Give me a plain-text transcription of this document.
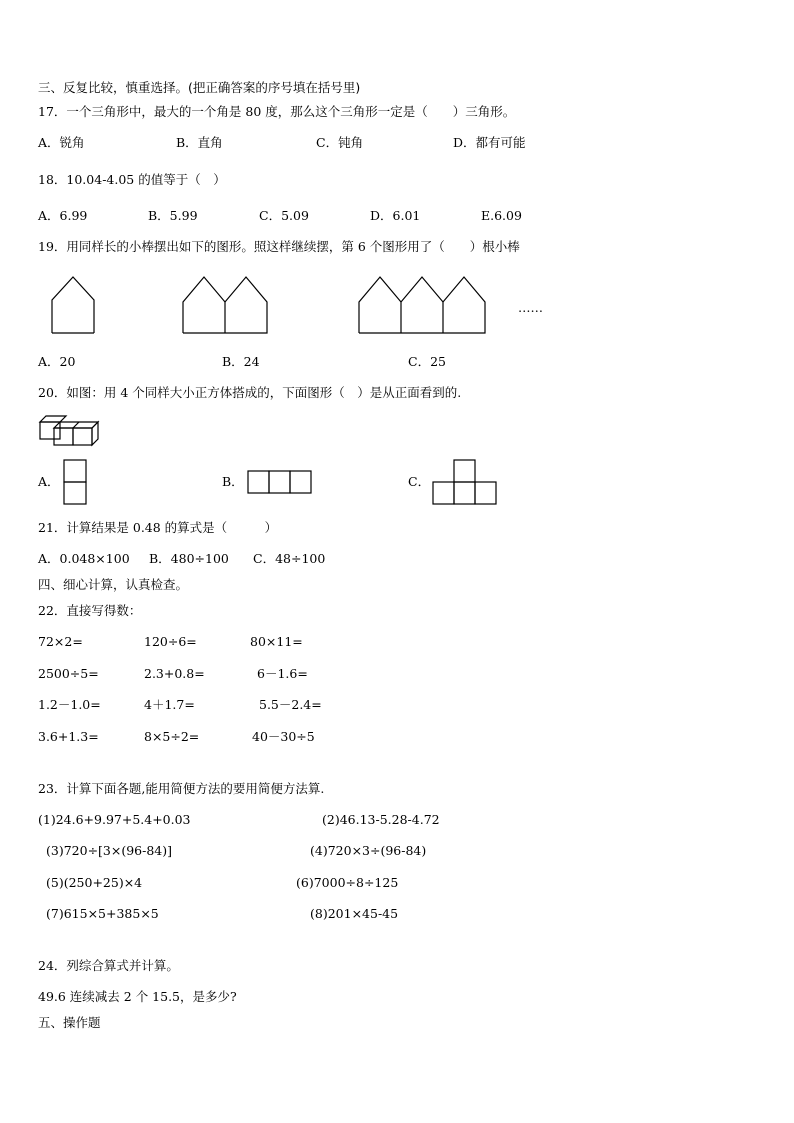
三、反复比较，慎重选择。(把正确答案的序号填在括号里)
17．一个三角形中，最大的一个角是 80 度，那么这个三角形一定是（　　）三角形。
A．锐角	B．直角	C．钝角	D．都有可能
18．10.04-4.05 的值等于（　）
A．6.99	B．5.99	C．5.09	D．6.01	E.6.09
19．用同样长的小棒摆出如下的图形。照这样继续摆，第 6 个图形用了（　　）根小棒
……
A．20	B．24	C．25
20．如图：用 4 个同样大小正方体搭成的，下面图形（　）是从正面看到的.
A．	B．	C．
21．计算结果是 0.48 的算式是（　　　）
A．0.048×100 B．480÷100 C．48÷100
四、细心计算，认真检查。
22．直接写得数：
72×2=	120÷6=	80×11=
2500÷5=	2.3+0.8=	6－1.6=
1.2－1.0=	4＋1.7=	5.5－2.4=
3.6+1.3=	8×5÷2=	40－30÷5
23．计算下面各题,能用简便方法的要用简便方法算.
(1)24.6+9.97+5.4+0.03	(2)46.13-5.28-4.72
(3)720÷[3×(96-84)]	(4)720×3÷(96-84)
(5)(250+25)×4	(6)7000÷8÷125
(7)615×5+385×5	(8)201×45-45
24．列综合算式并计算。
49.6 连续减去 2 个 15.5，是多少?
五、操作题
